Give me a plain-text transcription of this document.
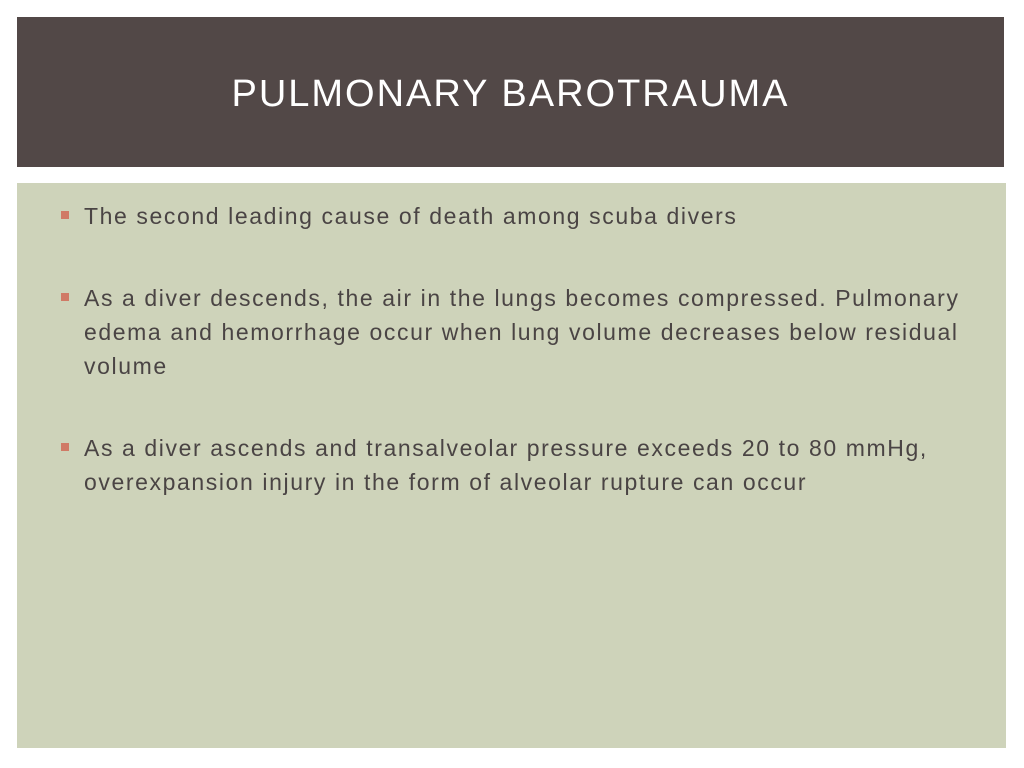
PULMONARY BAROTRAUMA
The second leading cause of death among scuba divers
As a diver descends, the air in the lungs becomes compressed. Pulmonary edema and hemorrhage occur when lung volume decreases below residual volume
As a diver ascends and transalveolar pressure exceeds 20 to 80 mmHg, overexpansion injury in the form of alveolar rupture can occur
